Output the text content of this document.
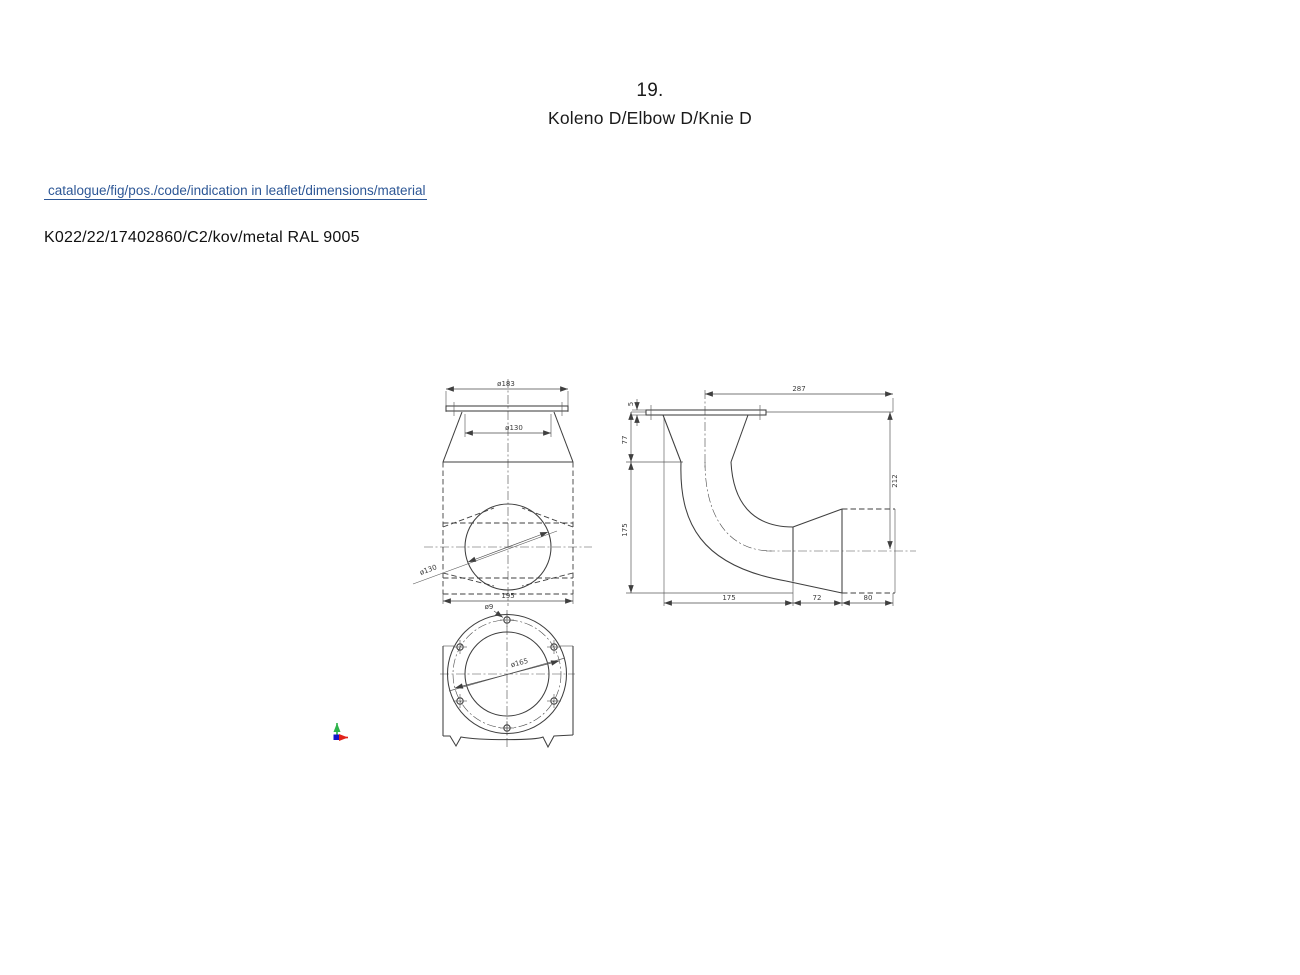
19.
Koleno D/Elbow D/Knie D
catalogue/fig/pos./code/indication in leaflet/dimensions/material
K022/22/17402860/C2/kov/metal RAL 9005
ø183
ø130
ø130
195
ø9
ø165
5
77
175
287
212
175	72	80
